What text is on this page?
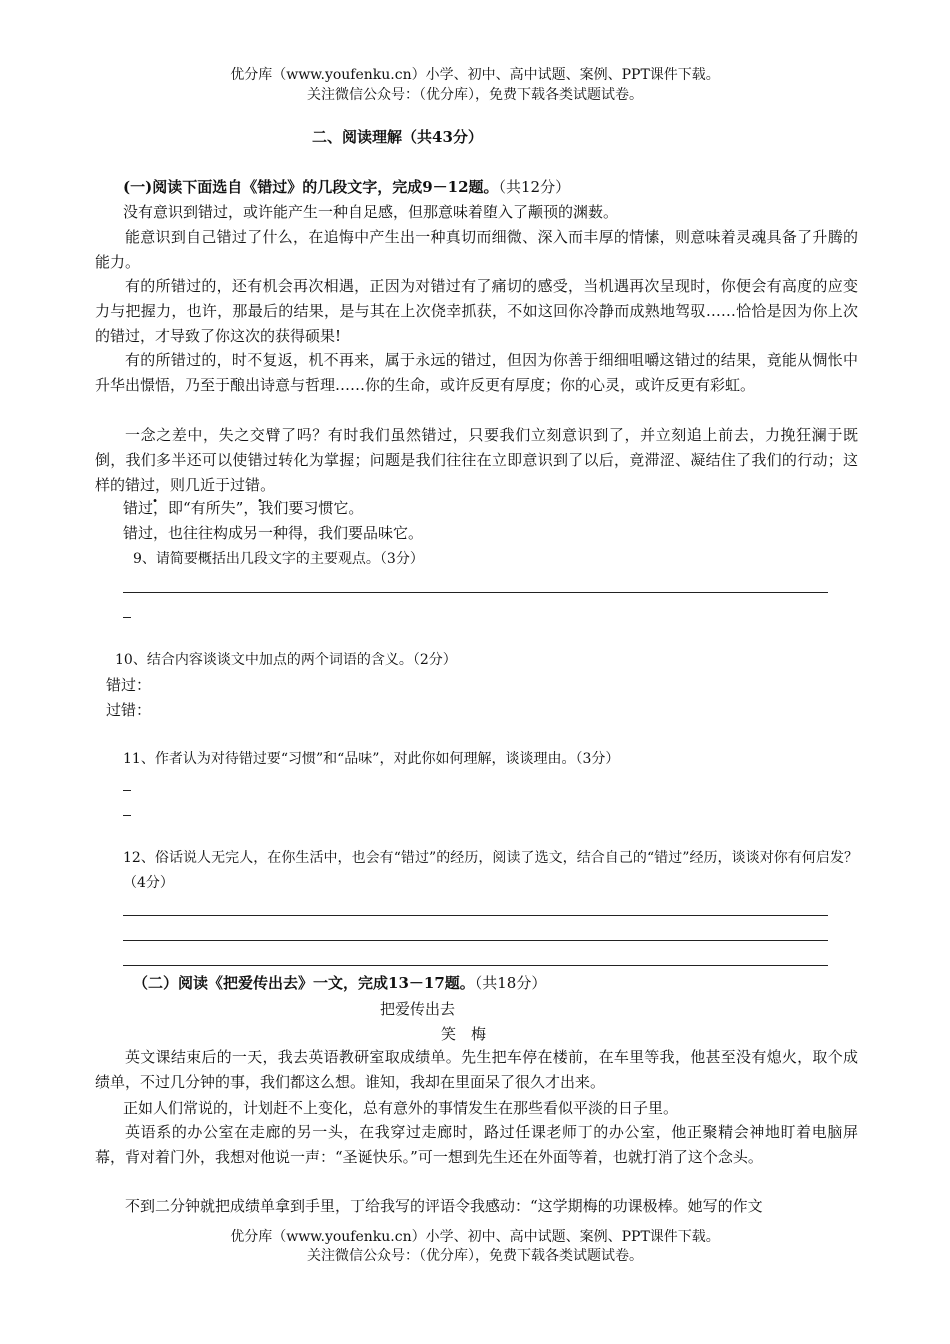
优分库（www.youfenku.cn）小学、初中、高中试题、案例、PPT课件下载。
关注微信公众号：（优分库），免费下载各类试题试卷。
二、阅读理解（共43分）
(一)阅读下面选自《错过》的几段文字，完成9－12题。（共12分）
没有意识到错过，或许能产生一种自足感，但那意味着堕入了颟顸的渊薮。
能意识到自己错过了什么，在追悔中产生出一种真切而细微、深入而丰厚的情愫，则意味着灵魂具备了升腾的能力。
有的所错过的，还有机会再次相遇，正因为对错过有了痛切的感受，当机遇再次呈现时，你便会有高度的应变力与把握力，也许，那最后的结果，是与其在上次侥幸抓获，不如这回你冷静而成熟地驾驭……恰恰是因为你上次的错过，才导致了你这次的获得硕果!
有的所错过的，时不复返，机不再来，属于永远的错过，但因为你善于细细咀嚼这错过的结果，竟能从惆怅中升华出憬悟，乃至于酿出诗意与哲理……你的生命，或许反更有厚度；你的心灵，或许反更有彩虹。
一念之差中，失之交臂了吗？有时我们虽然错过，只要我们立刻意识到了，并立刻追上前去，力挽狂澜于既倒，我们多半还可以使错过转化为掌握；问题是我们往往在立即意识到了以后，竟滞涩、凝结住了我们的行动；这样的错过，则几近于过错。
错过，即“有所失”，我们要习惯它。
错过，也往往构成另一种得，我们要品味它。
9、请简要概括出几段文字的主要观点。（3分）
10、结合内容谈谈文中加点的两个词语的含义。（2分）
错过：
过错：
11、作者认为对待错过要“习惯”和“品味”，对此你如何理解，谈谈理由。（3分）
12、俗话说人无完人，在你生活中，也会有“错过”的经历，阅读了选文，结合自己的“错过”经历，谈谈对你有何启发？（4分）
（二）阅读《把爱传出去》一文，完成13－17题。（共18分）
把爱传出去
笑　梅
英文课结束后的一天，我去英语教研室取成绩单。先生把车停在楼前，在车里等我，他甚至没有熄火，取个成绩单，不过几分钟的事，我们都这么想。谁知，我却在里面呆了很久才出来。
正如人们常说的，计划赶不上变化，总有意外的事情发生在那些看似平淡的日子里。
英语系的办公室在走廊的另一头，在我穿过走廊时，路过任课老师丁的办公室，他正聚精会神地盯着电脑屏幕，背对着门外，我想对他说一声：“圣诞快乐。”可一想到先生还在外面等着，也就打消了这个念头。
不到二分钟就把成绩单拿到手里，丁给我写的评语令我感动：“这学期梅的功课极棒。她写的作文
优分库（www.youfenku.cn）小学、初中、高中试题、案例、PPT课件下载。
关注微信公众号：（优分库），免费下载各类试题试卷。
